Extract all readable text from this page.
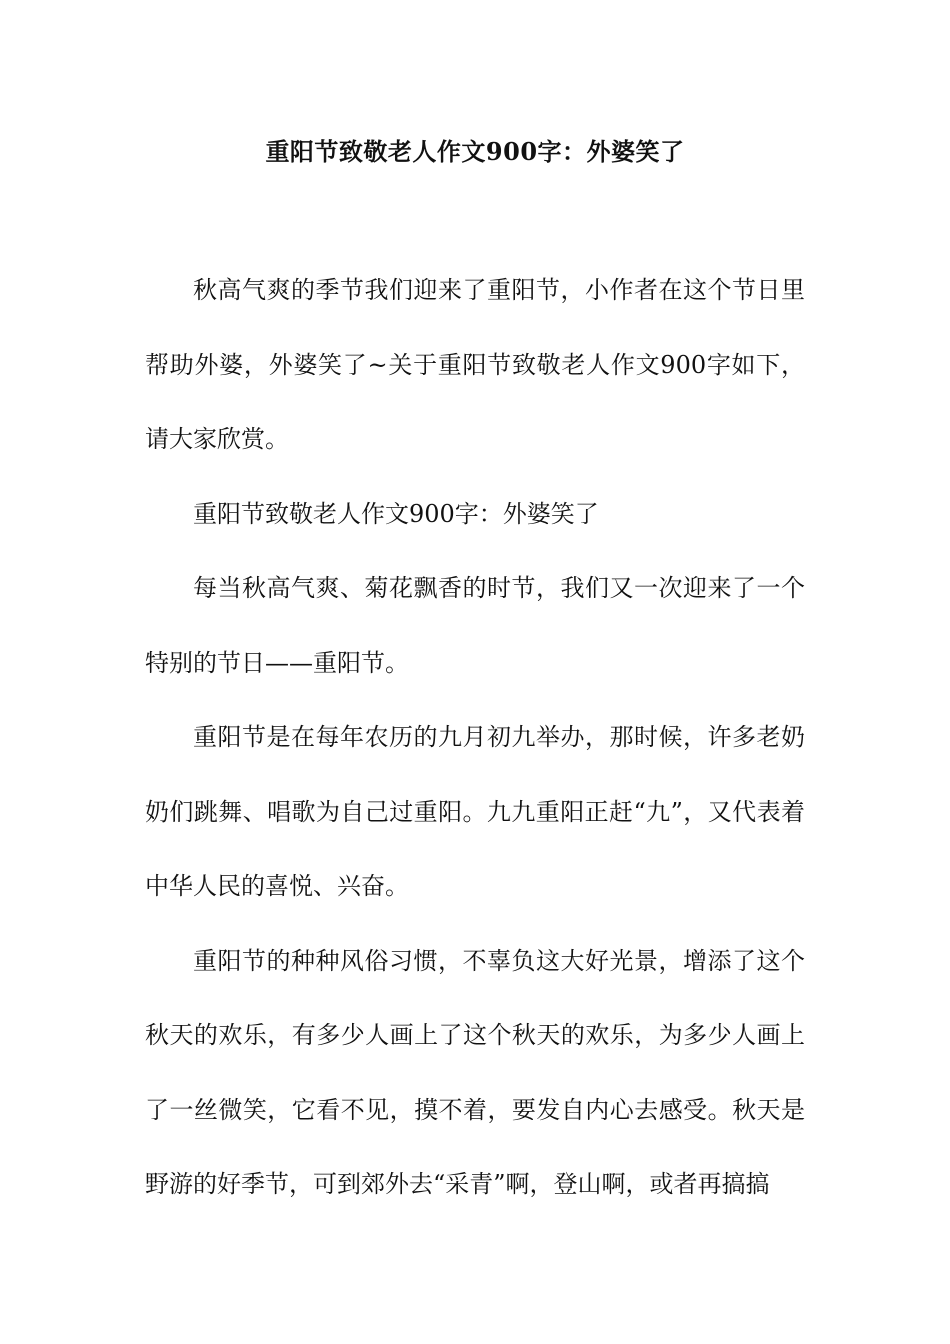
重阳节致敬老人作文900字：外婆笑了

秋高气爽的季节我们迎来了重阳节，小作者在这个节日里帮助外婆，外婆笑了~关于重阳节致敬老人作文900字如下，请大家欣赏。

重阳节致敬老人作文900字：外婆笑了

每当秋高气爽、菊花飘香的时节，我们又一次迎来了一个特别的节日——重阳节。

重阳节是在每年农历的九月初九举办，那时候，许多老奶奶们跳舞、唱歌为自己过重阳。九九重阳正赶“九”，又代表着中华人民的喜悦、兴奋。

重阳节的种种风俗习惯，不辜负这大好光景，增添了这个秋天的欢乐，有多少人画上了这个秋天的欢乐，为多少人画上了一丝微笑，它看不见，摸不着，要发自内心去感受。秋天是野游的好季节，可到郊外去“采青”啊，登山啊，或者再搞搞
